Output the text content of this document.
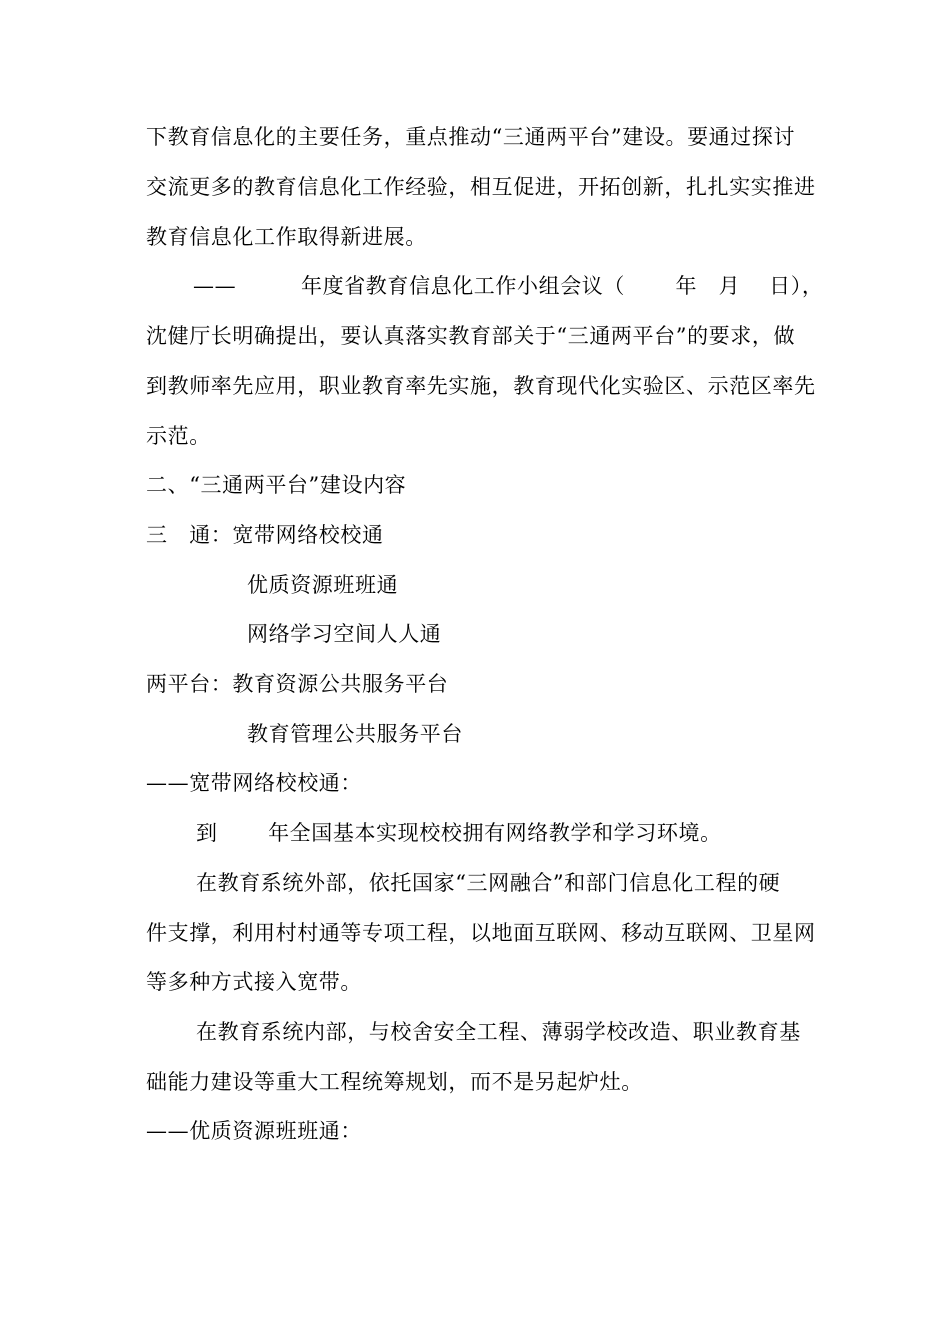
下教育信息化的主要任务，重点推动“三通两平台”建设。要通过探讨
交流更多的教育信息化工作经验，相互促进，开拓创新，扎扎实实推进
教育信息化工作取得新进展。
——　　　年度省教育信息化工作小组会议（　　 年　月　 日），
沈健厅长明确提出，要认真落实教育部关于“三通两平台”的要求，做
到教师率先应用，职业教育率先实施，教育现代化实验区、示范区率先
示范。
二、“三通两平台”建设内容
三　通：宽带网络校校通
优质资源班班通
网络学习空间人人通
两平台：教育资源公共服务平台
教育管理公共服务平台
——宽带网络校校通：
到　　 年全国基本实现校校拥有网络教学和学习环境。
在教育系统外部，依托国家“三网融合”和部门信息化工程的硬
件支撑，利用村村通等专项工程，以地面互联网、移动互联网、卫星网
等多种方式接入宽带。
在教育系统内部，与校舍安全工程、薄弱学校改造、职业教育基
础能力建设等重大工程统筹规划，而不是另起炉灶。
——优质资源班班通：
